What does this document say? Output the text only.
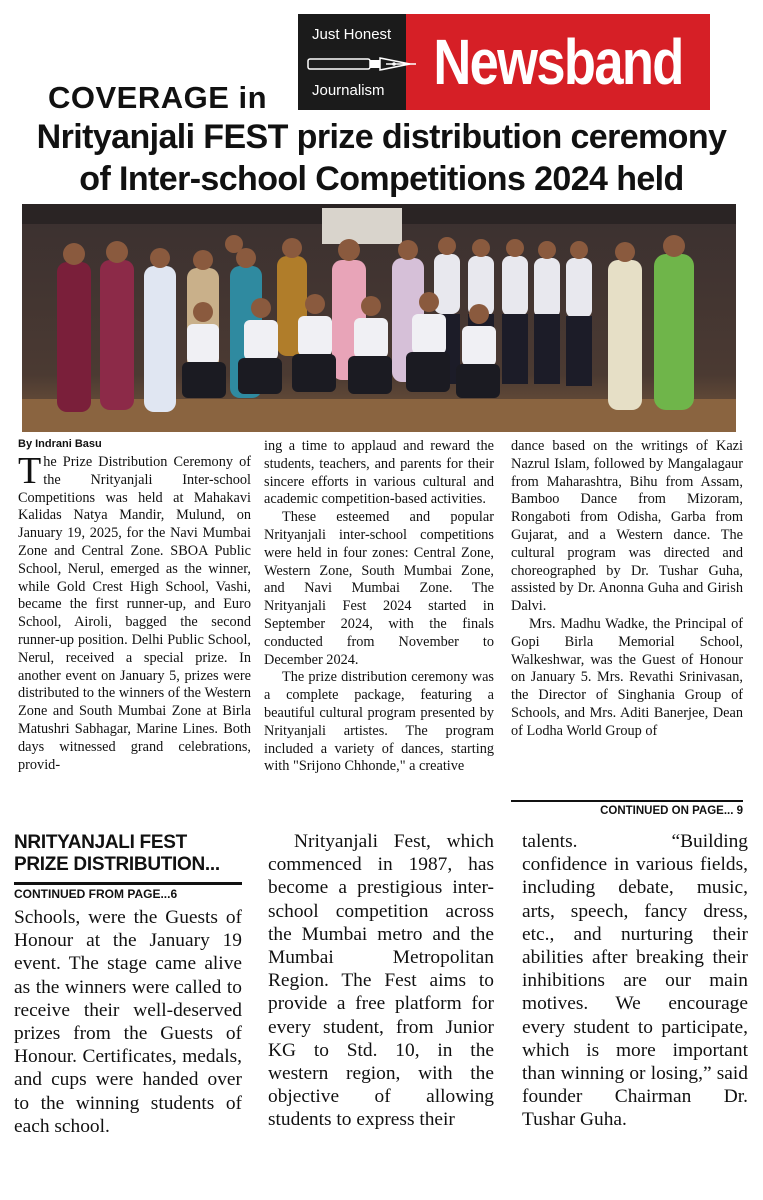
Just Honest
Journalism Newsband
COVERAGE in
Nrityanjali FEST prize distribution ceremony of Inter-school Competitions 2024 held
By Indrani Basu

The Prize Distribution Ceremony of the Nrityanjali Inter-school Competitions was held at Mahakavi Kalidas Natya Mandir, Mulund, on January 19, 2025, for the Navi Mumbai Zone and Central Zone. SBOA Public School, Nerul, emerged as the winner, while Gold Crest High School, Vashi, became the first runner-up, and Euro School, Airoli, bagged the second runner-up position. Delhi Public School, Nerul, received a special prize. In another event on January 5, prizes were distributed to the winners of the Western Zone and South Mumbai Zone at Birla Matushri Sabhagar, Marine Lines. Both days witnessed grand celebrations, provid-

ing a time to applaud and reward the students, teachers, and parents for their sincere efforts in various cultural and academic competition-based activities.

These esteemed and popular Nrityanjali inter-school competitions were held in four zones: Central Zone, Western Zone, South Mumbai Zone, and Navi Mumbai Zone. The Nrityanjali Fest 2024 started in September 2024, with the finals conducted from November to December 2024.

The prize distribution ceremony was a complete package, featuring a beautiful cultural program presented by Nrityanjali artistes. The program included a variety of dances, starting with "Srijono Chhonde," a creative

dance based on the writings of Kazi Nazrul Islam, followed by Mangalagaur from Maharashtra, Bihu from Assam, Bamboo Dance from Mizoram, Rongaboti from Odisha, Garba from Gujarat, and a Western dance. The cultural program was directed and choreographed by Dr. Tushar Guha, assisted by Dr. Anonna Guha and Girish Dalvi.

Mrs. Madhu Wadke, the Principal of Gopi Birla Memorial School, Walkeshwar, was the Guest of Honour on January 5. Mrs. Revathi Srinivasan, the Director of Singhania Group of Schools, and Mrs. Aditi Banerjee, Dean of Lodha World Group of

CONTINUED ON PAGE... 9
NRITYANJALI FEST PRIZE DISTRIBUTION...
CONTINUED FROM PAGE...6

Schools, were the Guests of Honour at the January 19 event. The stage came alive as the winners were called to receive their well-deserved prizes from the Guests of Honour. Certificates, medals, and cups were handed over to the winning students of each school.

Nrityanjali Fest, which commenced in 1987, has become a prestigious inter-school competition across the Mumbai metro and the Mumbai Metropolitan Region. The Fest aims to provide a free platform for every student, from Junior KG to Std. 10, in the western region, with the objective of allowing students to express their

talents. “Building confidence in various fields, including debate, music, arts, speech, fancy dress, etc., and nurturing their abilities after breaking their inhibitions are our main motives. We encourage every student to participate, which is more important than winning or losing,” said founder Chairman Dr. Tushar Guha.
